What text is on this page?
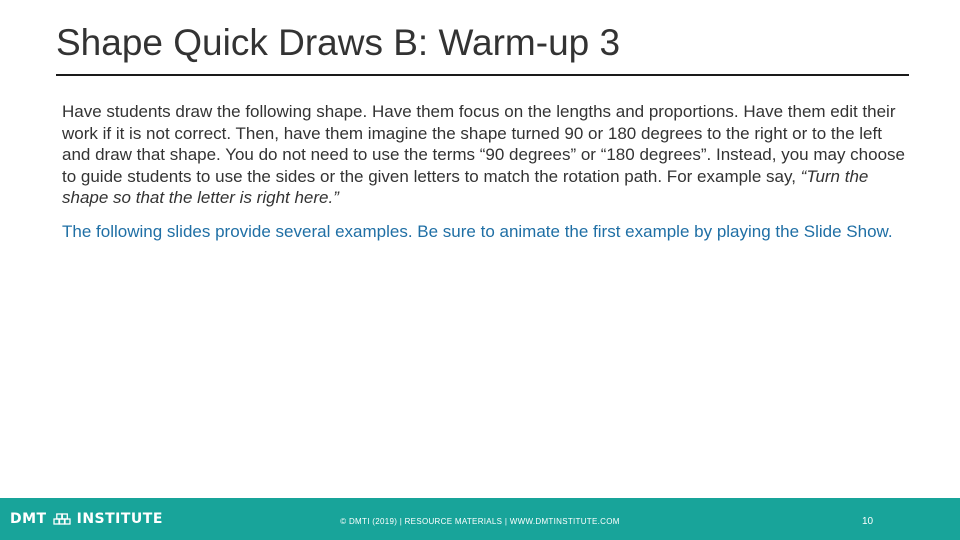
Shape Quick Draws B: Warm-up 3

Have students draw the following shape. Have them focus on the lengths and proportions. Have them edit their work if it is not correct. Then, have them imagine the shape turned 90 or 180 degrees to the right or to the left and draw that shape. You do not need to use the terms “90 degrees” or “180 degrees”. Instead, you may choose to guide students to use the sides or the given letters to match the rotation path. For example say, “Turn the shape so that the letter is right here.”

The following slides provide several examples. Be sure to animate the first example by playing the Slide Show.

DMT INSTITUTE	© DMTI (2019) | RESOURCE MATERIALS | WWW.DMTINSTITUTE.COM	10
